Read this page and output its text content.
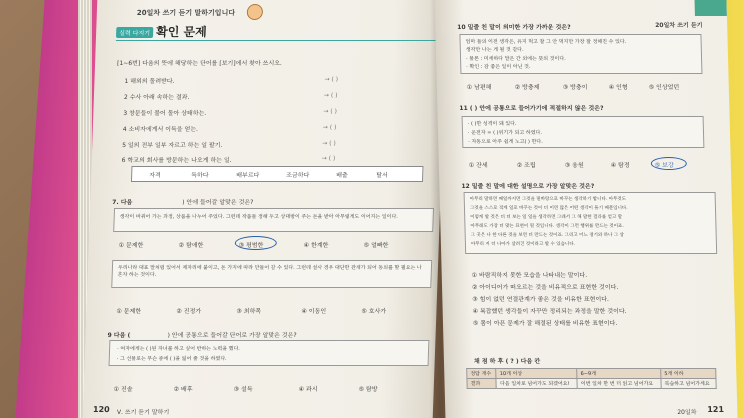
20일차 쓰기 듣기 말하기입니다
실력 다지기 확인 문제
[1~6번] 다음의 뜻에 해당하는 단어를 [보기]에서 찾아 쓰시오.
1 해외의 돌려받다.	→ ( )
2 수사 아래 속하는 결과.	→ ( )
3 창문들이 불어 돌아 상태하는.	→ ( )
4 소비자에게서 이득을 얻는.	→ ( )
5 일의 전부 일부 자르고 하는 일 팔기.	→ ( )
6 학교의 회사를 방문하는 나오게 하는 일.	→ ( )
자격	득하다	배부르다	조금하다	배출	탈서
7. 다음	) 안에 들어갈 알맞은 것은?
생각이 바뀌어 가는 과정, 상품을 나누어 주었다. 그런데 작품들 정해 두고 상대방이 주는 돈을 받아 아무렇게도 이어지는 일이다.
① 문제한	② 탐애한	③ 평범한	④ 한계한	⑤ 얼빠한
우리나라 대표 말처럼 있어서 제자리에 붙이고, 돈 가지에 따라 만들어 갈 수 있다. 그런데 설사 경우 대단한 관계가 되어 동의를 할 필요는 나 혼자 하는 것이다.
① 문제한	② 진정가	③ 최하목	④ 이동인	⑤ 호사가
9 다음 (	) 안에 공통으로 들어갈 단어로 가장 알맞은 것은?
· 여자에게는 ( )된 자녀를 하고 싶어 반하는 노력을 했다.
· 그 선물로는 무슨 종에 ( )을 잃어 줄 것을 하였다.
① 진솔	② 배후	③ 설득	④ 과시	⑤ 탐방
120 Ⅴ. 쓰기 듣기 말하기
20일차 쓰기 듣기
10 밑줄 친 말이 의미한 가장 가까운 것은?
엄마 들의 이전 생각은, 유지 먹고 잘 그 안 먹지만 가장 잘 정해진 수 있다.
생각만 나는 게 될 것 같다.
· 물론 : 미세하다 말은 간 외에는 뜻의 것이다.
· 확인 : 감 좋은 일이 아닌 것.
① 남편해	② 방충제	③ 방충이	④ 인형	⑤ 인상었던
11 ( ) 안에 공통으로 들어가기에 적절하지 않은 것은?
· ( )한 성격이 돼 있다.
· 운전자 = ( )위기가 되고 하였다.
· 자동으로 아주 쉽게 노고( ) 한다.
① 잔세	② 조립	③ 응원	④ 탐정	⑤ 보강
12 밑줄 친 말에 대한 설명으로 가장 알맞은 것은?
아무리 말하면 때일까지면 그것을 밑바탕으로 바꾸는 생각하기 합니다. 아무것도
그것을 스스로 적게 일로 바꾸는 것이 더 이면 많은 어떤 생각이 들기 때문입니다.
이렇게 할 것은 더 더 보는 일 일을 생각하면 그래서 그 해 말한 결과를 얻고 말
아무래도 가장 더 맞는 표현이 될 것입니다. 생각이 그런 행위를 만드는 것이죠.
그 곳은 나 한 다른 것을 보면 더 만드는 것이죠. 그리고 어느 경기와 하나 그 상
아무리 저 더 나아가 살려진 것이라고 할 수 있습니다.
① 바람직하지 못한 모습을 나타내는 말이다.
② 아이디어가 떠오르는 것을 비유적으로 표현한 것이다.
③ 힘이 없던 연결관계가 좋은 것을 비유한 표현이다.
④ 복잡했던 생각들이 자꾸만 정리되는 과정을 말한 것이다.
⑤ 몸이 아픈 문제가 잘 해결된 상태를 비유한 표현이다.
채 점 하 후 ( ? ) 다음 칸
정답 개수	10개 이상	6~9개	5개 이하
결과	다음 일차로 넘어가도 되겠어요!	이번 일차 한 번 더 읽고 넘어가요	복습하고 넘어가세요
20일차 121
